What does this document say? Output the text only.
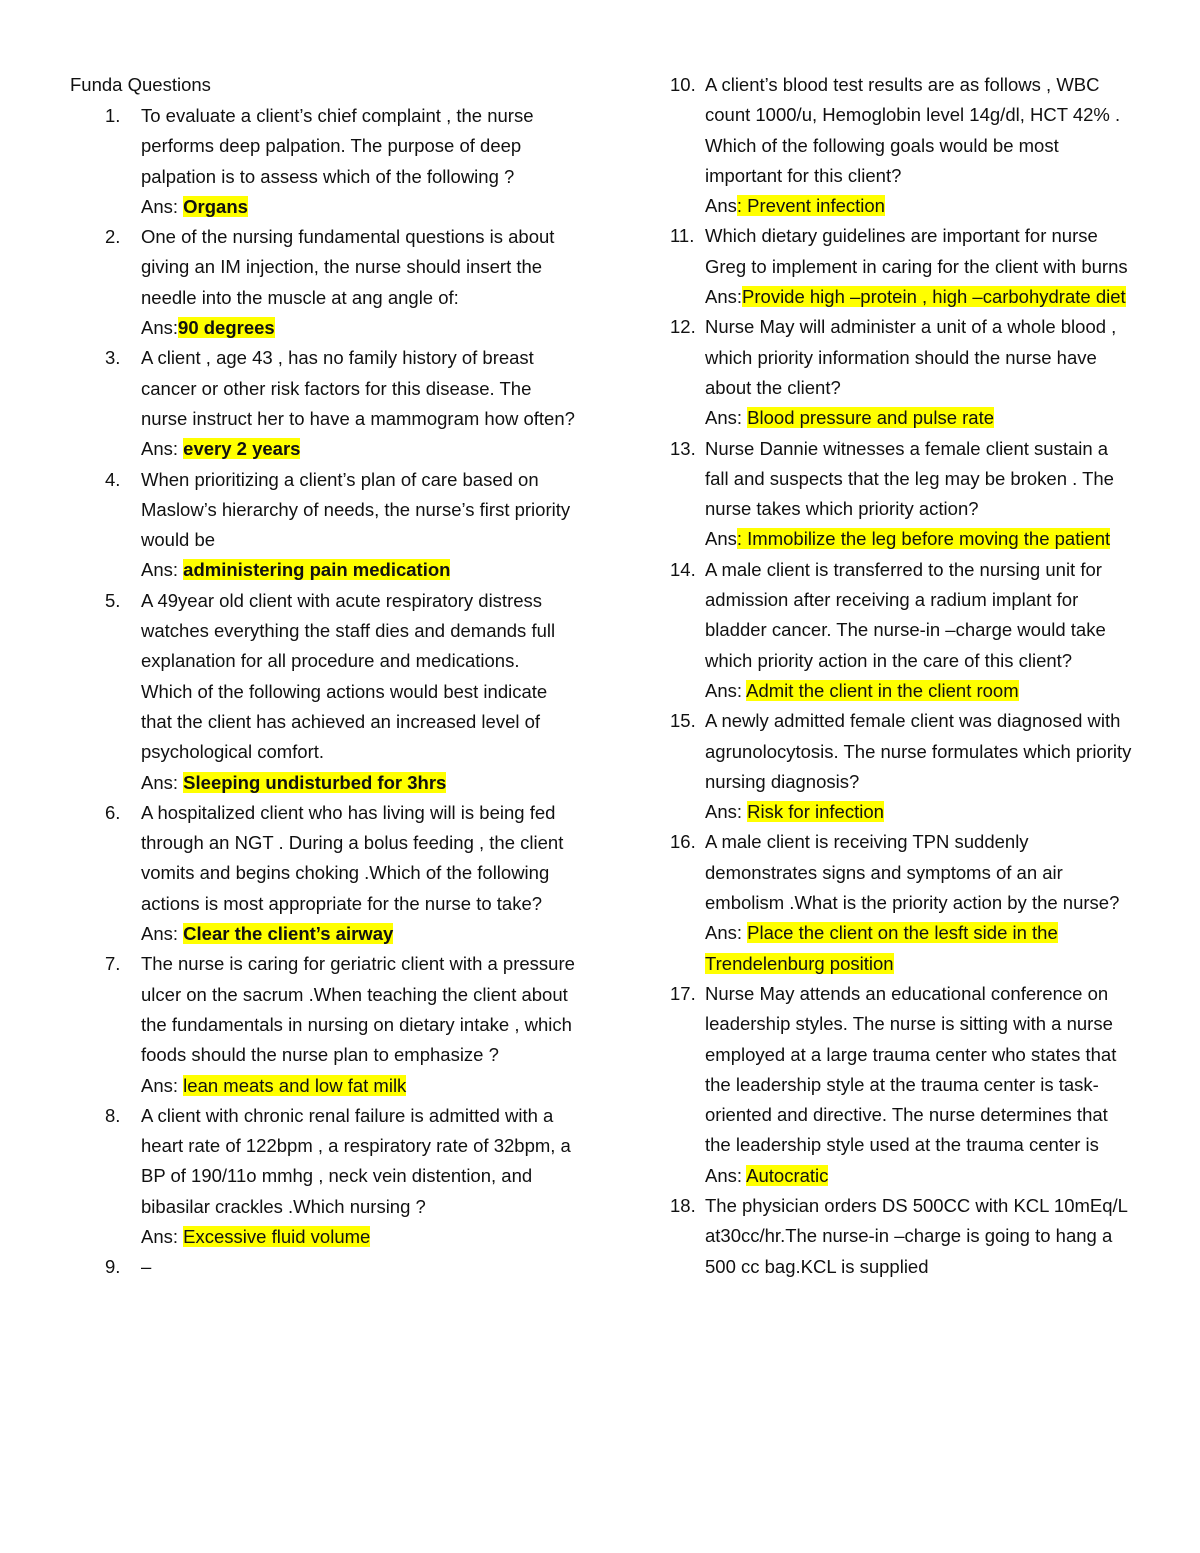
Funda Questions
1. To evaluate a client’s chief complaint , the nurse performs deep palpation. The purpose of deep palpation is to assess which of the following ?
Ans: Organs
2. One of the nursing fundamental questions is about giving an IM injection, the nurse should insert the needle into the muscle at ang angle of:
Ans:90 degrees
3. A client , age 43 , has no family history of breast cancer or other risk factors for this disease. The nurse instruct her to have a mammogram how often?
Ans: every 2 years
4. When prioritizing a client’s plan of care based on Maslow’s hierarchy of needs, the nurse’s first priority would be
Ans: administering pain medication
5. A 49year old client with acute respiratory distress watches everything the staff dies and demands full explanation for all procedure and medications. Which of the following actions would best indicate that the client has achieved an increased level of psychological comfort.
Ans: Sleeping undisturbed for 3hrs
6. A hospitalized client who has living will is being fed through an NGT . During a bolus feeding , the client vomits and begins choking .Which of the following actions is most appropriate for the nurse to take?
Ans: Clear the client’s airway
7. The nurse is caring for geriatric client with a pressure ulcer on the sacrum .When teaching the client about the fundamentals in nursing on dietary intake , which foods should the nurse plan to emphasize ?
Ans: lean meats and low fat milk
8. A client with chronic renal failure is admitted with a heart rate of 122bpm , a respiratory rate of 32bpm, a BP of 190/11o mmhg , neck vein distention, and bibasilar crackles .Which nursing ?
Ans: Excessive fluid volume
9. –
10. A client’s blood test results are as follows , WBC count 1000/u, Hemoglobin level 14g/dl, HCT 42% . Which of the following goals would be most important for this client?
Ans: Prevent infection
11. Which dietary guidelines are important for nurse Greg to implement in caring for the client with burns
Ans:Provide high –protein , high –carbohydrate diet
12. Nurse May will administer a unit of a whole blood , which priority information should the nurse have about the client?
Ans: Blood pressure and pulse rate
13. Nurse Dannie witnesses a female client sustain a fall and suspects that the leg may be broken . The nurse takes which priority action?
Ans: Immobilize the leg before moving the patient
14. A male client is transferred to the nursing unit for admission after receiving a radium implant for bladder cancer. The nurse-in –charge would take which priority action in the care of this client?
Ans: Admit the client in the client room
15. A newly admitted female client was diagnosed with agrunolocytosis. The nurse formulates which priority nursing diagnosis?
Ans: Risk for infection
16. A male client is receiving TPN suddenly demonstrates signs and symptoms of an air embolism .What is the priority action by the nurse?
Ans: Place the client on the lesft side in the Trendelenburg position
17. Nurse May attends an educational conference on leadership styles. The nurse is sitting with a nurse employed at a large trauma center who states that the leadership style at the trauma center is task-oriented and directive. The nurse determines that the leadership style used at the trauma center is
Ans: Autocratic
18. The physician orders DS 500CC with KCL 10mEq/L at30cc/hr.The nurse-in –charge is going to hang a 500 cc bag.KCL is supplied
